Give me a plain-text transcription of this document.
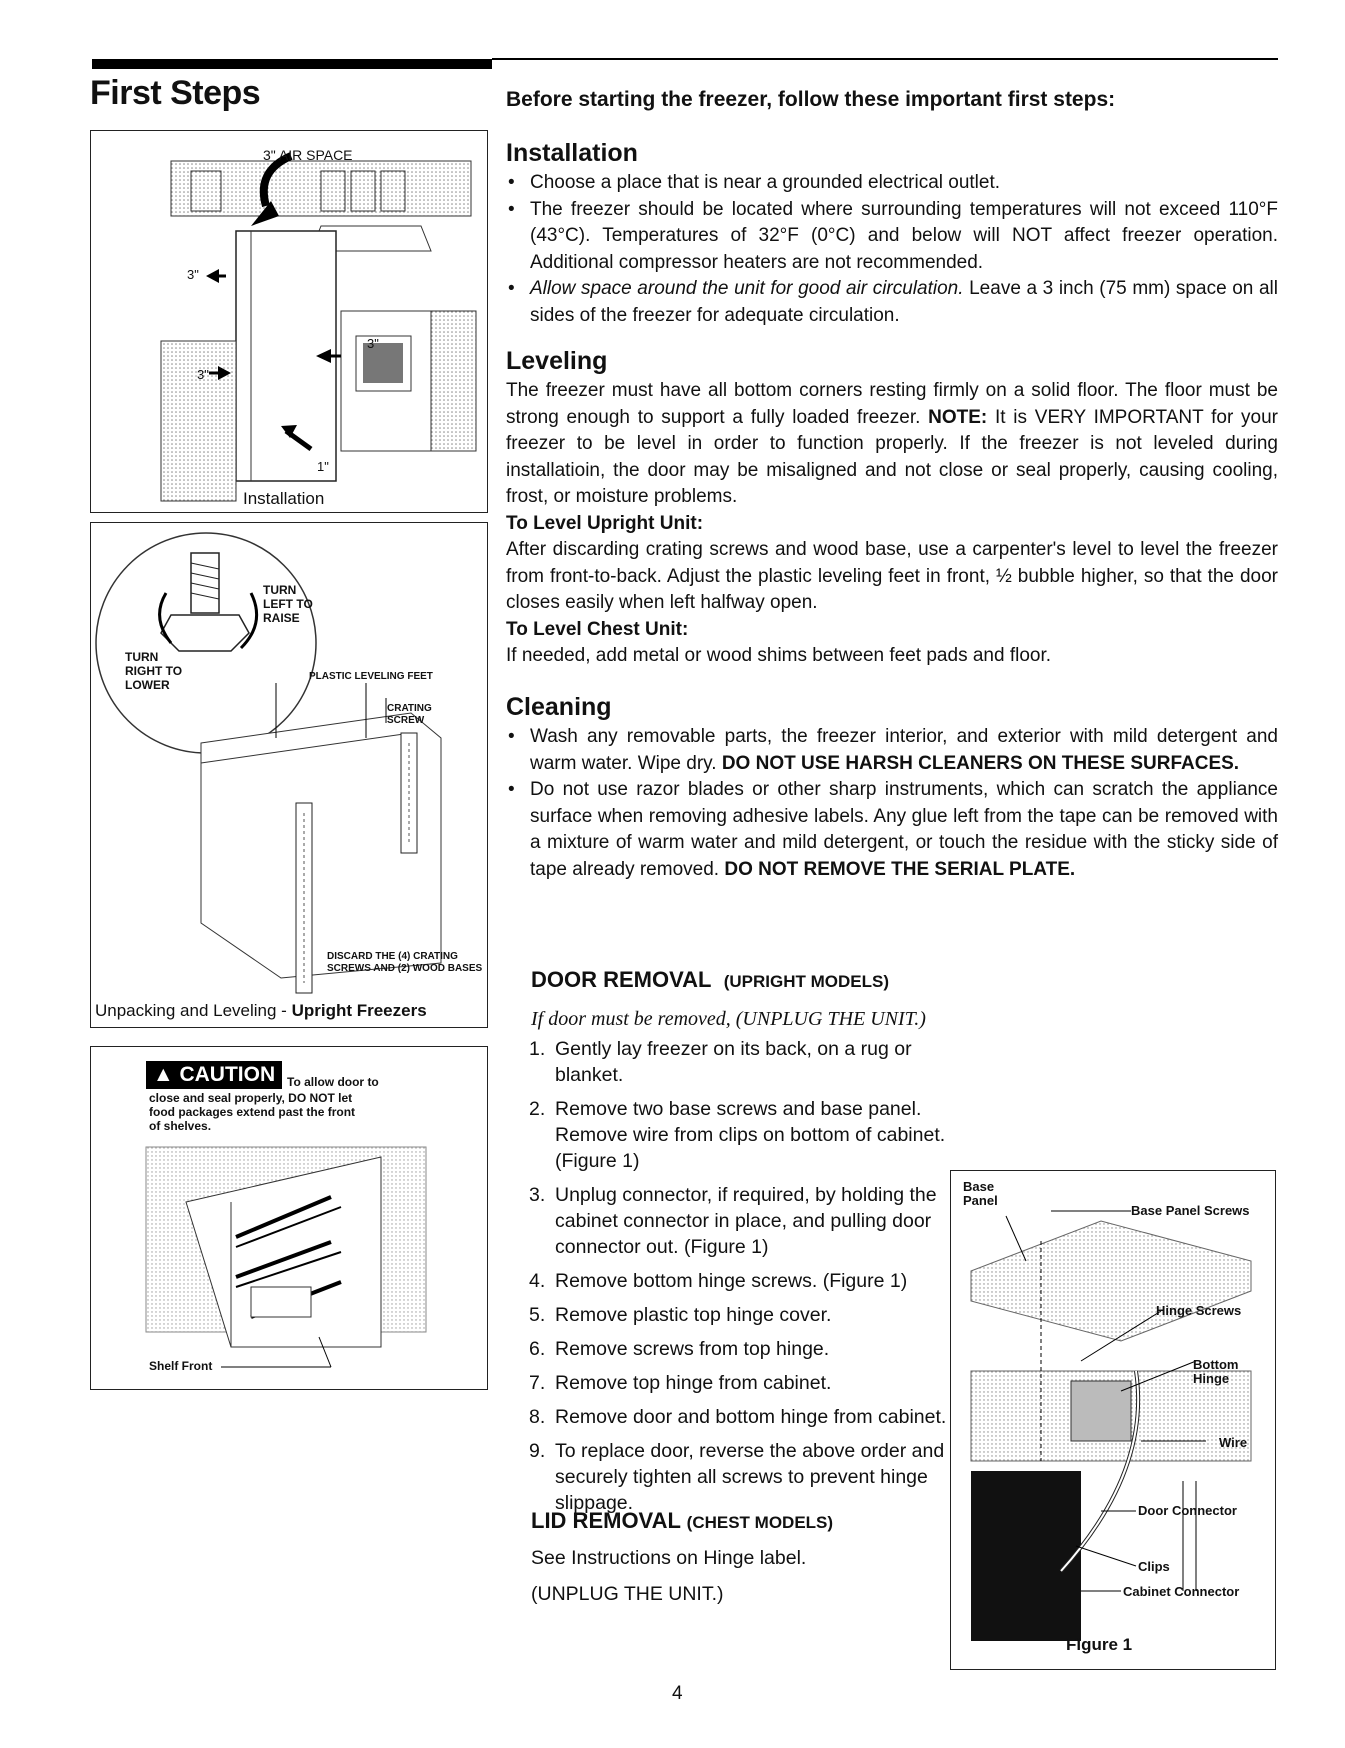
First Steps	Before starting the freezer, follow these important first steps:
3" AIR SPACE
3"
3"
3"
1"
Installation
TURN
LEFT TO
RAISE
TURN
RIGHT TO
LOWER
PLASTIC LEVELING FEET
CRATING
SCREW
DISCARD THE (4) CRATING
SCREWS AND (2) WOOD BASES
Unpacking and Leveling - Upright Freezers
▲ CAUTION To allow door to
close and seal properly, DO NOT let
food packages extend past the front
of shelves.
Shelf Front
Installation
• Choose a place that is near a grounded electrical outlet.
• The freezer should be located where surrounding temperatures will not exceed 110°F (43°C). Temperatures of 32°F (0°C) and below will NOT affect freezer operation. Additional compressor heaters are not recommended.
• Allow space around the unit for good air circulation. Leave a 3 inch (75 mm) space on all sides of the freezer for adequate circulation.
Leveling

The freezer must have all bottom corners resting firmly on a solid floor. The floor must be strong enough to support a fully loaded freezer. NOTE: It is VERY IMPORTANT for your freezer to be level in order to function properly. If the freezer is not leveled during installatioin, the door may be misaligned and not close or seal properly, causing cooling, frost, or moisture problems.

To Level Upright Unit:

After discarding crating screws and wood base, use a carpenter's level to level the freezer from front-to-back. Adjust the plastic leveling feet in front, ½ bubble higher, so that the door closes easily when left halfway open.

To Level Chest Unit:

If needed, add metal or wood shims between feet pads and floor.

Cleaning
• Wash any removable parts, the freezer interior, and exterior with mild detergent and warm water. Wipe dry. DO NOT USE HARSH CLEANERS ON THESE SURFACES.
• Do not use razor blades or other sharp instruments, which can scratch the appliance surface when removing adhesive labels. Any glue left from the tape can be removed with a mixture of warm water and mild detergent, or touch the residue with the sticky side of tape already removed. DO NOT REMOVE THE SERIAL PLATE.
DOOR REMOVAL (UPRIGHT MODELS)
If door must be removed, (UNPLUG THE UNIT.)
1. Gently lay freezer on its back, on a rug or blanket.
2. Remove two base screws and base panel. Remove wire from clips on bottom of cabinet. (Figure 1)
3. Unplug connector, if required, by holding the cabinet connector in place, and pulling door connector out. (Figure 1)
4. Remove bottom hinge screws. (Figure 1)
5. Remove plastic top hinge cover.
6. Remove screws from top hinge.
7. Remove top hinge from cabinet.
8. Remove door and bottom hinge from cabinet.
9. To replace door, reverse the above order and securely tighten all screws to prevent hinge slippage.
LID REMOVAL (CHEST MODELS)
See Instructions on Hinge label.
(UNPLUG THE UNIT.)
Base
Panel
Base Panel Screws
Hinge Screws
Bottom
Hinge
Wire
Door Connector
Clips
Cabinet Connector
Figure 1
4
